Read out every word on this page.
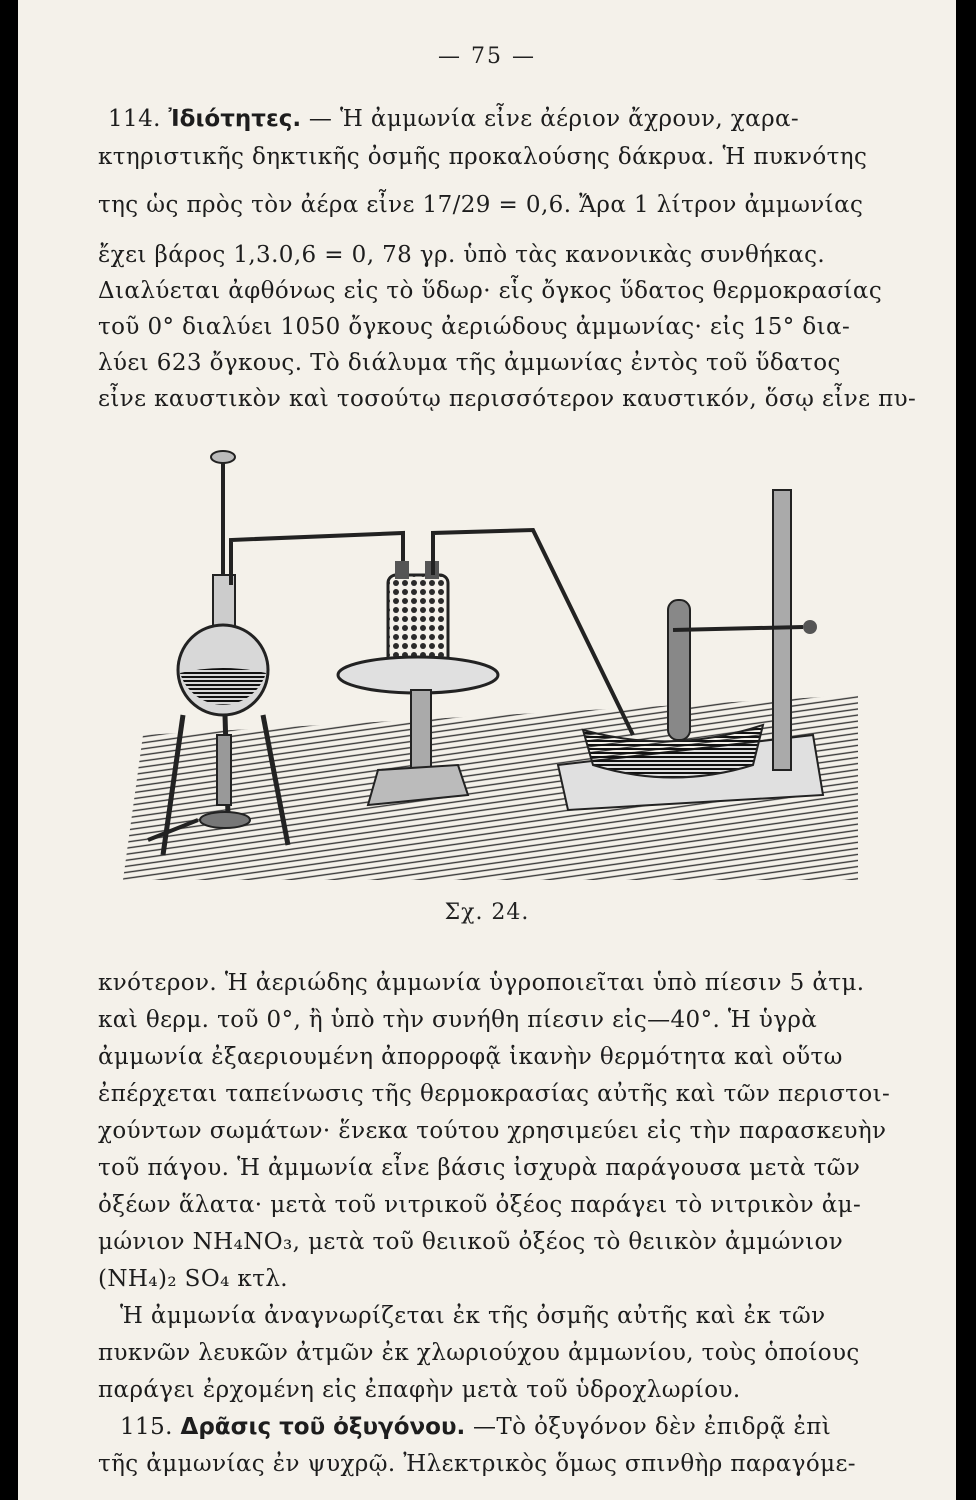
— 75 —
114. Ἰδιότητες. — Ἡ ἀμμωνία εἶνε ἀέριον ἄχρουν, χαρα-
κτηριστικῆς δηκτικῆς ὀσμῆς προκαλούσης δάκρυα. Ἡ πυκνότης
της ὡς πρὸς τὸν ἀέρα εἶνε 17/29 = 0,6. Ἄρα 1 λίτρον ἀμμωνίας
ἔχει βάρος 1,3.0,6 = 0, 78 γρ. ὑπὸ τὰς κανονικὰς συνθήκας.
Διαλύεται ἀφθόνως εἰς τὸ ὕδωρ· εἷς ὄγκος ὕδατος θερμοκρασίας
τοῦ 0° διαλύει 1050 ὄγκους ἀεριώδους ἀμμωνίας· εἰς 15° δια-
λύει 623 ὄγκους. Τὸ διάλυμα τῆς ἀμμωνίας ἐντὸς τοῦ ὕδατος
εἶνε καυστικὸν καὶ τοσούτῳ περισσότερον καυστικόν, ὅσῳ εἶνε πυ-
Σχ. 24.
κνότερον. Ἡ ἀεριώδης ἀμμωνία ὑγροποιεῖται ὑπὸ πίεσιν 5 ἀτμ.
καὶ θερμ. τοῦ 0°, ἢ ὑπὸ τὴν συνήθη πίεσιν εἰς—40°. Ἡ ὑγρὰ
ἀμμωνία ἐξαεριουμένη ἀπορροφᾷ ἱκανὴν θερμότητα καὶ οὕτω
ἐπέρχεται ταπείνωσις τῆς θερμοκρασίας αὐτῆς καὶ τῶν περιστοι-
χούντων σωμάτων· ἕνεκα τούτου χρησιμεύει εἰς τὴν παρασκευὴν
τοῦ πάγου. Ἡ ἀμμωνία εἶνε βάσις ἰσχυρὰ παράγουσα μετὰ τῶν
ὀξέων ἅλατα· μετὰ τοῦ νιτρικοῦ ὀξέος παράγει τὸ νιτρικὸν ἀμ-
μώνιον NH₄NO₃, μετὰ τοῦ θειικοῦ ὀξέος τὸ θειικὸν ἀμμώνιον
(NH₄)₂ SO₄ κτλ.
Ἡ ἀμμωνία ἀναγνωρίζεται ἐκ τῆς ὀσμῆς αὐτῆς καὶ ἐκ τῶν
πυκνῶν λευκῶν ἀτμῶν ἐκ χλωριούχου ἀμμωνίου, τοὺς ὁποίους
παράγει ἐρχομένη εἰς ἐπαφὴν μετὰ τοῦ ὑδροχλωρίου.
115. Δρᾶσις τοῦ ὀξυγόνου. —Τὸ ὀξυγόνον δὲν ἐπιδρᾷ ἐπὶ
τῆς ἀμμωνίας ἐν ψυχρῷ. Ἠλεκτρικὸς ὅμως σπινθὴρ παραγόμε-
